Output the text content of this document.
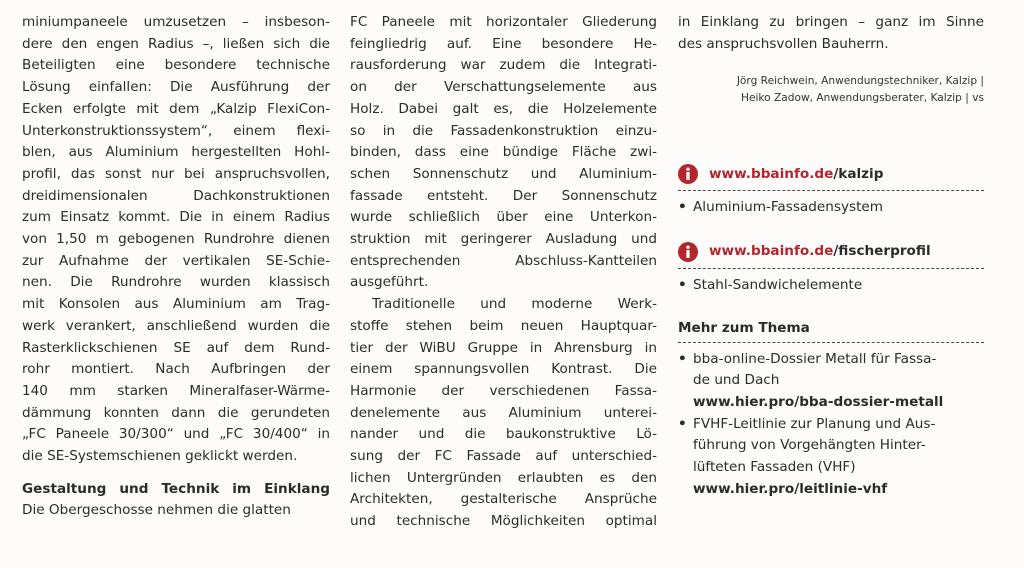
miniumpaneele umzusetzen – insbeson-

dere den engen Radius –, ließen sich die

Beteiligten eine besondere technische

Lösung einfallen: Die Ausführung der

Ecken erfolgte mit dem „Kalzip FlexiCon-

Unterkonstruktionssystem“, einem flexi-

blen, aus Aluminium hergestellten Hohl-

profil, das sonst nur bei anspruchsvollen,

dreidimensionalen Dachkonstruktionen

zum Einsatz kommt. Die in einem Radius

von 1,50 m gebogenen Rundrohre dienen

zur Aufnahme der vertikalen SE-Schie-

nen. Die Rundrohre wurden klassisch

mit Konsolen aus Aluminium am Trag-

werk verankert, anschließend wurden die

Rasterklickschienen SE auf dem Rund-

rohr montiert. Nach Aufbringen der

140 mm starken Mineralfaser-Wärme-

dämmung konnten dann die gerundeten

„FC Paneele 30/300“ und „FC 30/400“ in

die SE-Systemschienen geklickt werden.

Gestaltung und Technik im Einklang

Die Obergeschosse nehmen die glatten

FC Paneele mit horizontaler Gliederung

feingliedrig auf. Eine besondere He-

rausforderung war zudem die Integrati-

on der Verschattungselemente aus

Holz. Dabei galt es, die Holzelemente

so in die Fassadenkonstruktion einzu-

binden, dass eine bündige Fläche zwi-

schen Sonnenschutz und Aluminium-

fassade entsteht. Der Sonnenschutz

wurde schließlich über eine Unterkon-

struktion mit geringerer Ausladung und

entsprechenden Abschluss-Kantteilen

ausgeführt.

Traditionelle und moderne Werk-

stoffe stehen beim neuen Hauptquar-

tier der WiBU Gruppe in Ahrensburg in

einem spannungsvollen Kontrast. Die

Harmonie der verschiedenen Fassa-

denelemente aus Aluminium unterei-

nander und die baukonstruktive Lö-

sung der FC Fassade auf unterschied-

lichen Untergründen erlaubten es den

Architekten, gestalterische Ansprüche

und technische Möglichkeiten optimal

in Einklang zu bringen – ganz im Sinne

des anspruchsvollen Bauherrn.

Jörg Reichwein, Anwendungstechniker, Kalzip |
Heiko Zadow, Anwendungsberater, Kalzip | vs
www.bbainfo.de/kalzip
• Aluminium-Fassadensystem
www.bbainfo.de/fischerprofil
• Stahl-Sandwichelemente

Mehr zum Thema

• bba-online-Dossier Metall für Fassa-
de und Dach
www.hier.pro/bba-dossier-metall
• FVHF-Leitlinie zur Planung und Aus-
führung von Vorgehängten Hinter-
lüfteten Fassaden (VHF)
www.hier.pro/leitlinie-vhf
